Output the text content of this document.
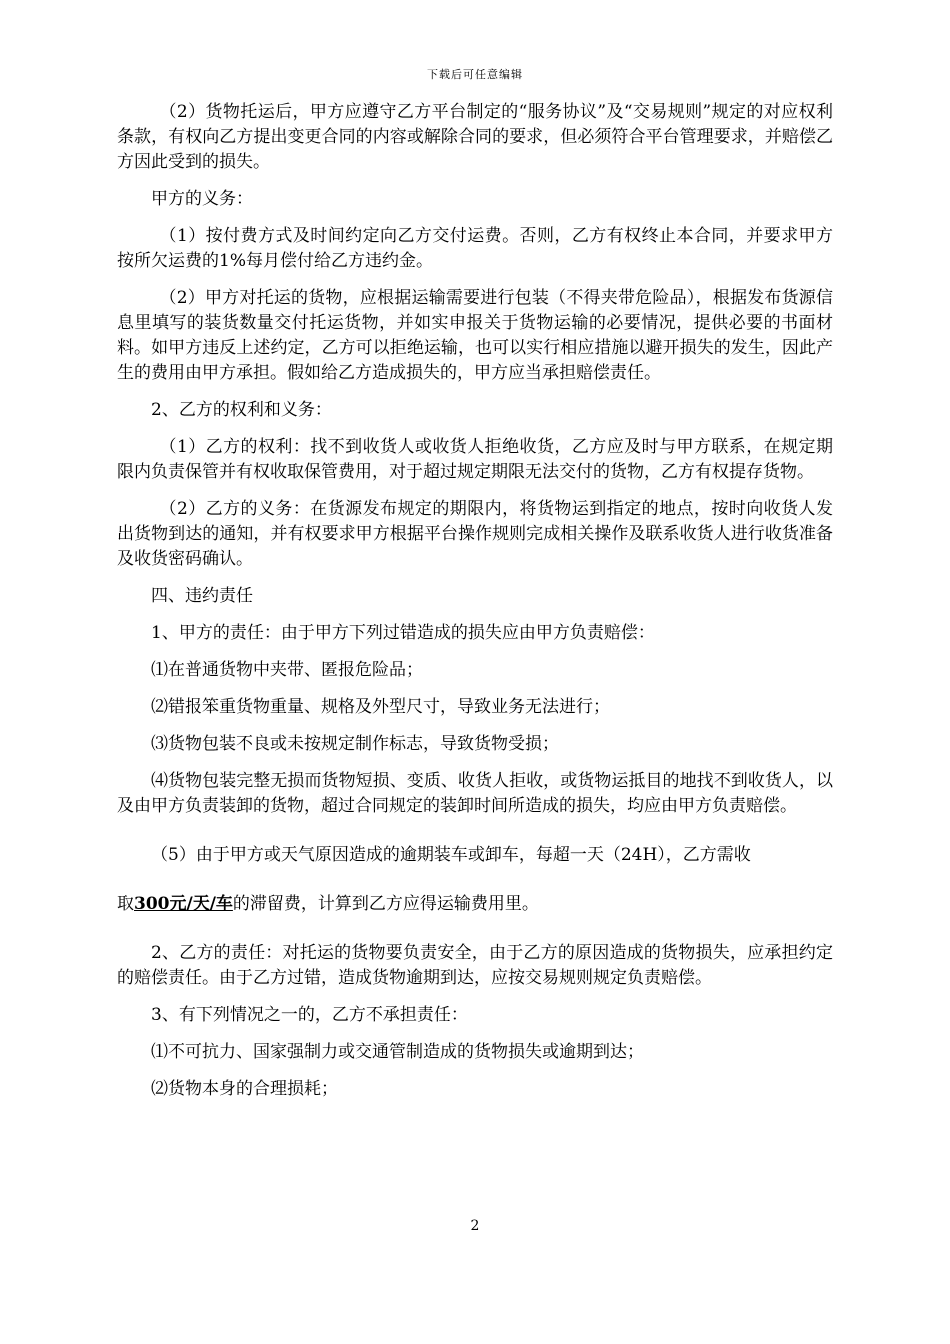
下载后可任意编辑

（2）货物托运后，甲方应遵守乙方平台制定的“服务协议”及“交易规则”规定的对应权利条款，有权向乙方提出变更合同的内容或解除合同的要求，但必须符合平台管理要求，并赔偿乙方因此受到的损失。

甲方的义务：

（1）按付费方式及时间约定向乙方交付运费。否则，乙方有权终止本合同，并要求甲方按所欠运费的1%每月偿付给乙方违约金。

（2）甲方对托运的货物，应根据运输需要进行包装（不得夹带危险品），根据发布货源信息里填写的装货数量交付托运货物，并如实申报关于货物运输的必要情况，提供必要的书面材料。如甲方违反上述约定，乙方可以拒绝运输，也可以实行相应措施以避开损失的发生，因此产生的费用由甲方承担。假如给乙方造成损失的，甲方应当承担赔偿责任。

2、乙方的权利和义务：

（1）乙方的权利：找不到收货人或收货人拒绝收货，乙方应及时与甲方联系，在规定期限内负责保管并有权收取保管费用，对于超过规定期限无法交付的货物，乙方有权提存货物。

（2）乙方的义务：在货源发布规定的期限内，将货物运到指定的地点，按时向收货人发出货物到达的通知，并有权要求甲方根据平台操作规则完成相关操作及联系收货人进行收货准备及收货密码确认。

四、违约责任

1、甲方的责任：由于甲方下列过错造成的损失应由甲方负责赔偿：

⑴在普通货物中夹带、匿报危险品；

⑵错报笨重货物重量、规格及外型尺寸，导致业务无法进行；

⑶货物包装不良或未按规定制作标志，导致货物受损；

⑷货物包装完整无损而货物短损、变质、收货人拒收，或货物运抵目的地找不到收货人，以及由甲方负责装卸的货物，超过合同规定的装卸时间所造成的损失，均应由甲方负责赔偿。

（5）由于甲方或天气原因造成的逾期装车或卸车，每超一天（24H），乙方需收

取300元/天/车的滞留费，计算到乙方应得运输费用里。

2、乙方的责任：对托运的货物要负责安全，由于乙方的原因造成的货物损失，应承担约定的赔偿责任。由于乙方过错，造成货物逾期到达，应按交易规则规定负责赔偿。

3、有下列情况之一的，乙方不承担责任：

⑴不可抗力、国家强制力或交通管制造成的货物损失或逾期到达；

⑵货物本身的合理损耗；

2
